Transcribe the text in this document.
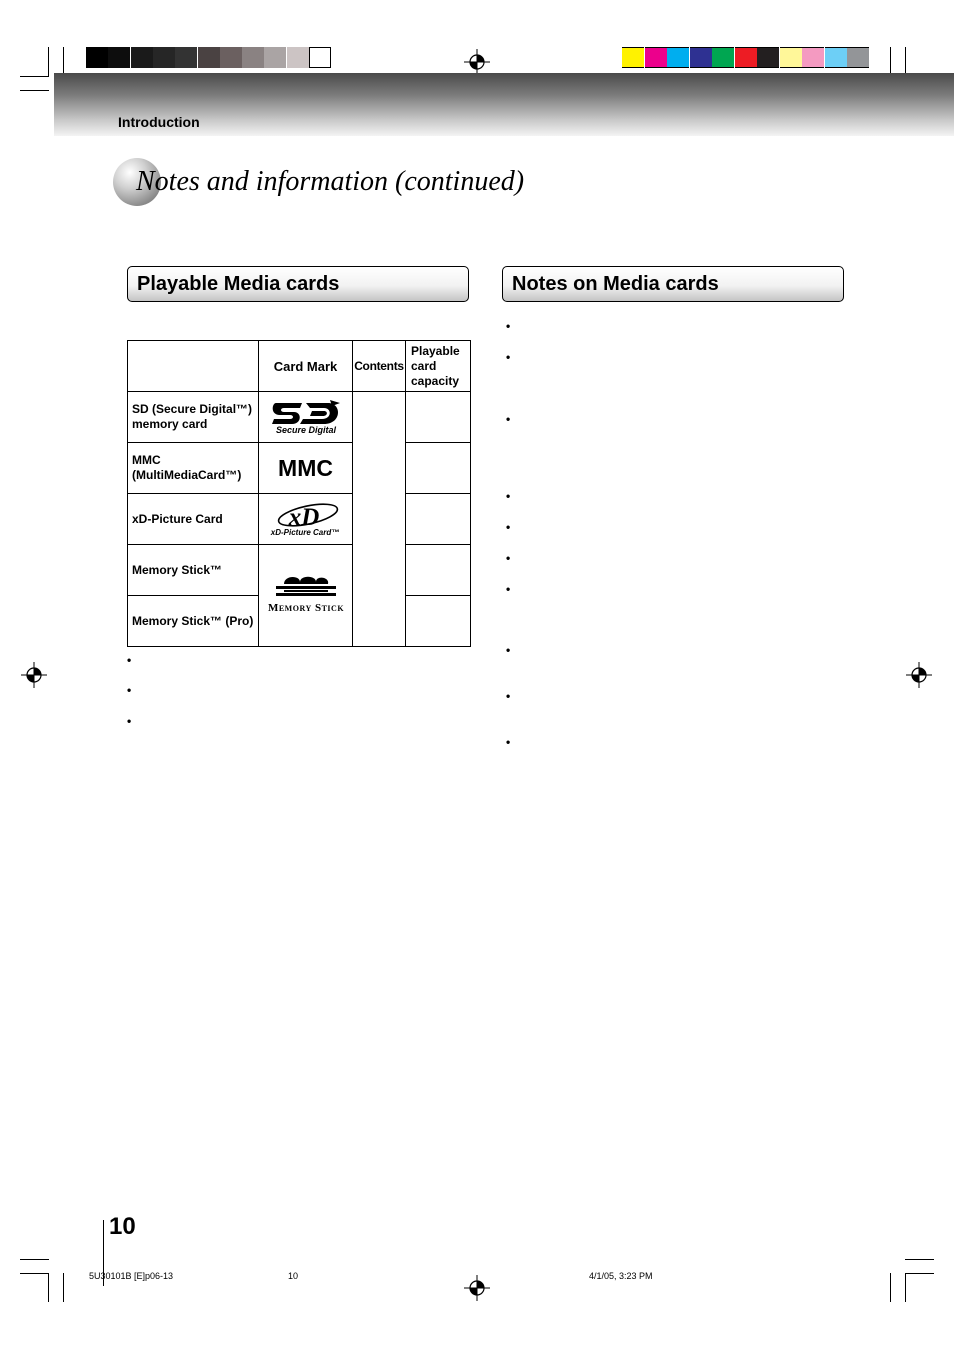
Introduction
Notes and information (continued)
Playable Media cards	Notes on Media cards
	Card Mark	Contents	Playable card capacity
SD (Secure Digital™) memory card	Secure Digital		

MMC (MultiMediaCard™)	MMC		
xD-Picture Card	xD
xD-Picture Card™		

Memory Stick™	Memory Stick		

Memory Stick™ (Pro)			
•
•
•
•
•
•
•
•
•
•
•
•
•
10
5U30101B [E]p06-13	10	4/1/05, 3:23 PM
